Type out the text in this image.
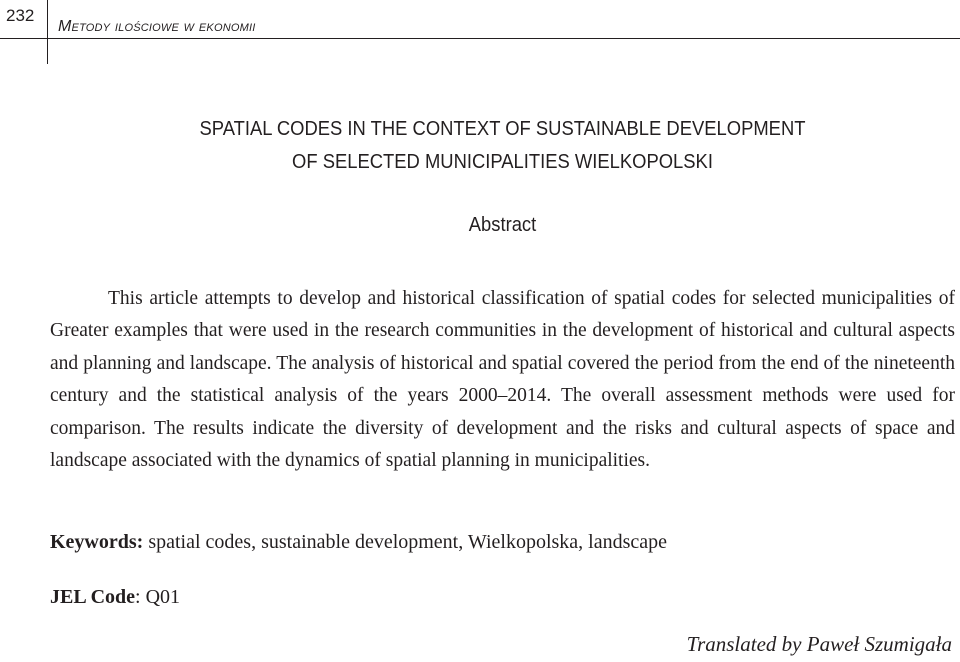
232
Metody ilościowe w ekonomii
SPATIAL CODES IN THE CONTEXT OF SUSTAINABLE DEVELOPMENT
OF SELECTED MUNICIPALITIES WIELKOPOLSKI
Abstract

This article attempts to develop and historical classification of spatial codes for selected municipalities of Greater examples that were used in the research communities in the development of historical and cultural aspects and planning and landscape. The analysis of historical and spatial covered the period from the end of the nineteenth century and the statistical analysis of the years 2000–2014. The overall assessment methods were used for comparison. The results indicate the diversity of development and the risks and cultural aspects of space and landscape associated with the dynamics of spatial planning in municipalities.

Keywords: spatial codes, sustainable development, Wielkopolska, landscape
JEL Code: Q01
Translated by Paweł Szumigała
